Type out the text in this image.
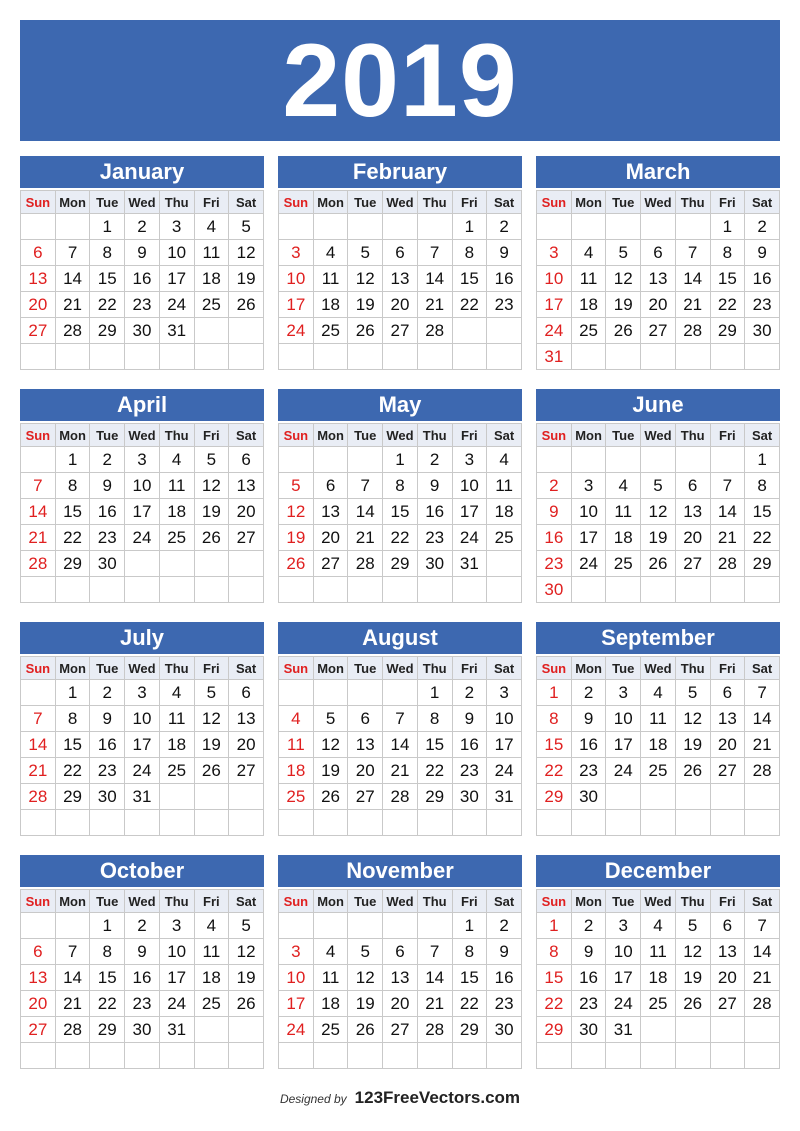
2019
January
Sun	Mon	Tue	Wed	Thu	Fri	Sat
		1	2	3	4	5
6	7	8	9	10	11	12
13	14	15	16	17	18	19
20	21	22	23	24	25	26
27	28	29	30	31		

February
Sun	Mon	Tue	Wed	Thu	Fri	Sat
					1	2
3	4	5	6	7	8	9
10	11	12	13	14	15	16
17	18	19	20	21	22	23
24	25	26	27	28		

March
Sun	Mon	Tue	Wed	Thu	Fri	Sat
					1	2
3	4	5	6	7	8	9
10	11	12	13	14	15	16
17	18	19	20	21	22	23
24	25	26	27	28	29	30
31						
April
Sun	Mon	Tue	Wed	Thu	Fri	Sat
	1	2	3	4	5	6
7	8	9	10	11	12	13
14	15	16	17	18	19	20
21	22	23	24	25	26	27
28	29	30				

May
Sun	Mon	Tue	Wed	Thu	Fri	Sat
			1	2	3	4
5	6	7	8	9	10	11
12	13	14	15	16	17	18
19	20	21	22	23	24	25
26	27	28	29	30	31	

June
Sun	Mon	Tue	Wed	Thu	Fri	Sat
						1
2	3	4	5	6	7	8
9	10	11	12	13	14	15
16	17	18	19	20	21	22
23	24	25	26	27	28	29
30						
July
Sun	Mon	Tue	Wed	Thu	Fri	Sat
	1	2	3	4	5	6
7	8	9	10	11	12	13
14	15	16	17	18	19	20
21	22	23	24	25	26	27
28	29	30	31			

August
Sun	Mon	Tue	Wed	Thu	Fri	Sat
				1	2	3
4	5	6	7	8	9	10
11	12	13	14	15	16	17
18	19	20	21	22	23	24
25	26	27	28	29	30	31

September
Sun	Mon	Tue	Wed	Thu	Fri	Sat
1	2	3	4	5	6	7
8	9	10	11	12	13	14
15	16	17	18	19	20	21
22	23	24	25	26	27	28
29	30					

October
Sun	Mon	Tue	Wed	Thu	Fri	Sat
		1	2	3	4	5
6	7	8	9	10	11	12
13	14	15	16	17	18	19
20	21	22	23	24	25	26
27	28	29	30	31		

November
Sun	Mon	Tue	Wed	Thu	Fri	Sat
					1	2
3	4	5	6	7	8	9
10	11	12	13	14	15	16
17	18	19	20	21	22	23
24	25	26	27	28	29	30

December
Sun	Mon	Tue	Wed	Thu	Fri	Sat
1	2	3	4	5	6	7
8	9	10	11	12	13	14
15	16	17	18	19	20	21
22	23	24	25	26	27	28
29	30	31				

Designed by 123FreeVectors.com
